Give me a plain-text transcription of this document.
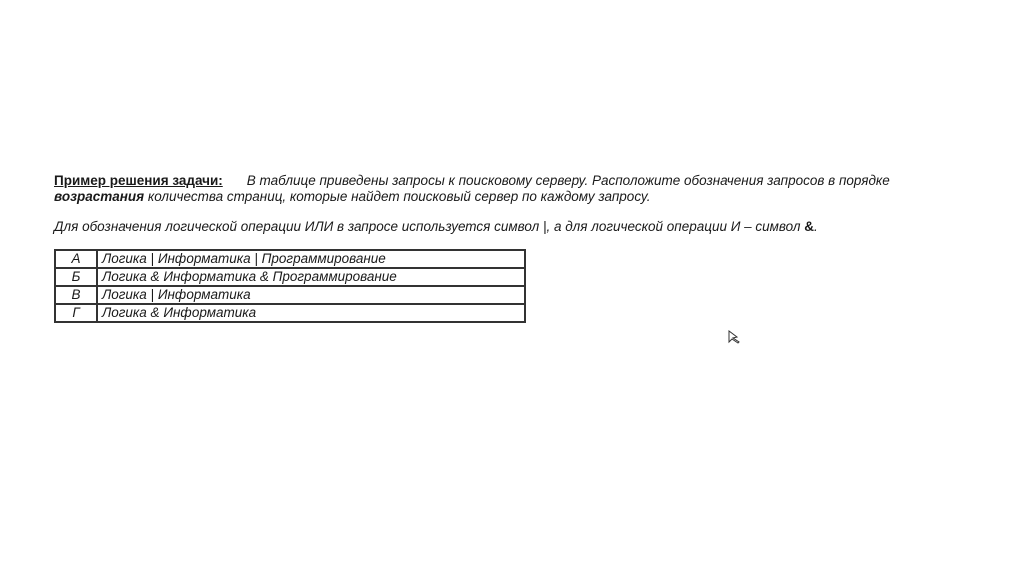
Пример решения задачи: В таблице приведены запросы к поисковому серверу. Расположите обозначения запросов в порядке
возрастания количества страниц, которые найдет поисковый сервер по каждому запросу.
Для обозначения логической операции ИЛИ в запросе используется символ |, а для логической операции И – символ &.
А	Логика | Информатика | Программирование
Б	Логика & Информатика & Программирование
В	Логика | Информатика
Г	Логика & Информатика
